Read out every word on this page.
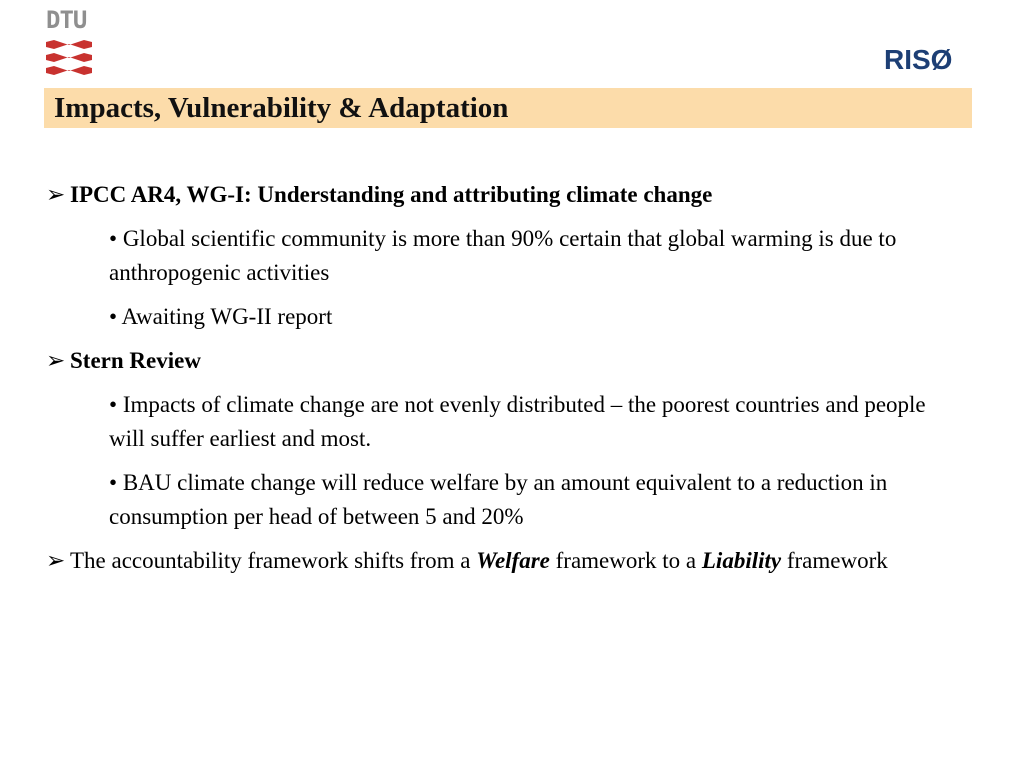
DTU
RISØ
Impacts, Vulnerability & Adaptation

➢ IPCC AR4, WG-I: Understanding and attributing climate change

• Global scientific community is more than 90% certain that global warming is due to anthropogenic activities

• Awaiting WG-II report

➢ Stern Review

• Impacts of climate change are not evenly distributed – the poorest countries and people will suffer earliest and most.

• BAU climate change will reduce welfare by an amount equivalent to a reduction in consumption per head of between 5 and 20%

➢ The accountability framework shifts from a Welfare framework to a Liability framework
